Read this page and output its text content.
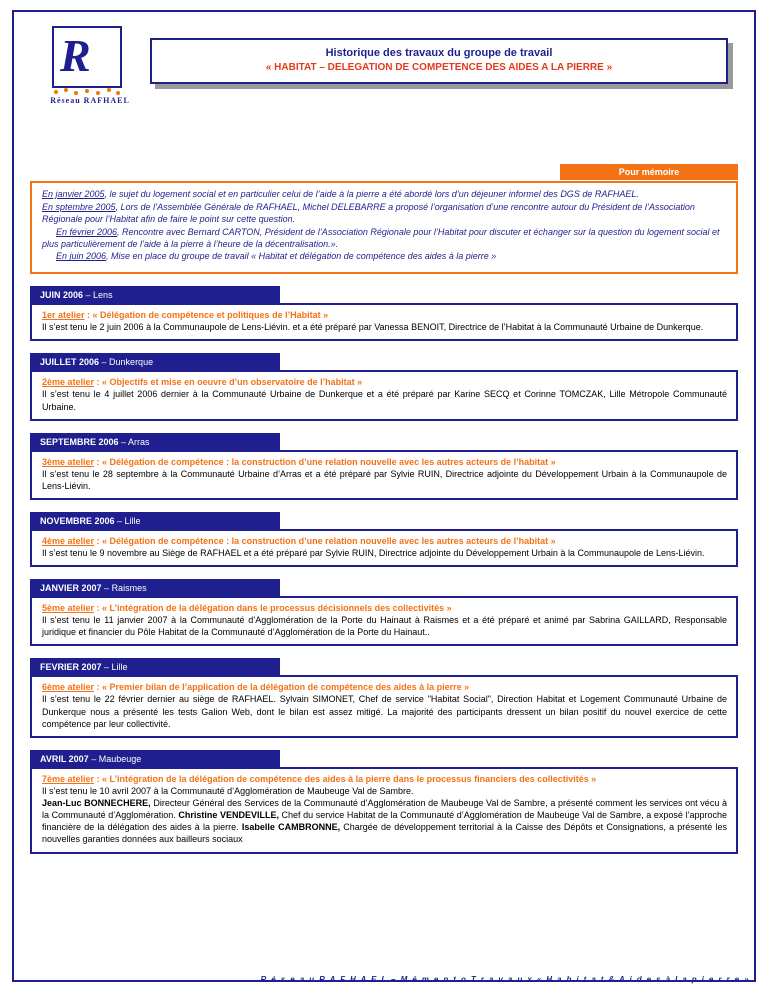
R
Réseau RAFHAEL
Historique des travaux du groupe de travail
« HABITAT – DELEGATION DE COMPETENCE DES AIDES A LA PIERRE »
Pour mémoire

En janvier 2005, le sujet du logement social et en particulier celui de l’aide à la pierre a été abordé lors d’un déjeuner informel des DGS de RAFHAEL.

En sptembre 2005, Lors de l’Assemblée Générale de RAFHAEL, Michel DELEBARRE a proposé l’organisation d’une rencontre autour du Président de l’Association Régionale pour l’Habitat afin de faire le point sur cette question.

En février 2006, Rencontre avec Bernard CARTON, Président de l’Association Régionale pour l’Habitat pour discuter et échanger sur la question du logement social et plus particulièrement de l’aide à la pierre à l’heure de la décentralisation.».

En juin 2006, Mise en place du groupe de travail « Habitat et délégation de compétence des aides à la pierre »

JUIN 2006 – Lens

1er atelier : « Délégation de compétence et politiques de l’Habitat »

Il s’est tenu le 2 juin 2006 à la Communaupole de Lens-Liévin. et a été préparé par Vanessa BENOIT, Directrice de l’Habitat à la Communauté Urbaine de Dunkerque.

JUILLET 2006 – Dunkerque

2ème atelier : « Objectifs et mise en oeuvre d’un observatoire de l’habitat »

Il s’est tenu le 4 juillet 2006 dernier à la Communauté Urbaine de Dunkerque et a été préparé par Karine SECQ et Corinne TOMCZAK, Lille Métropole Communauté Urbaine.

SEPTEMBRE 2006 – Arras

3ème atelier : « Délégation de compétence : la construction d’une relation nouvelle avec les autres acteurs de l’habitat »

Il s’est tenu le 28 septembre à la Communauté Urbaine d’Arras et a été préparé par Sylvie RUIN, Directrice adjointe du Développement Urbain à la Communaupole de Lens-Liévin.

NOVEMBRE 2006 – Lille

4ème atelier : « Délégation de compétence : la construction d’une relation nouvelle avec les autres acteurs de l’habitat »

Il s’est tenu le 9 novembre au Siège de RAFHAEL et a été préparé par Sylvie RUIN, Directrice adjointe du Développement Urbain à la Communaupole de Lens-Liévin.

JANVIER 2007 – Raismes

5ème atelier : « L’intégration de la délégation dans le processus décisionnels des collectivités »

Il s’est tenu le 11 janvier 2007 à la Communauté d’Agglomération de la Porte du Hainaut à Raismes et a été préparé et animé par Sabrina GAILLARD, Responsable juridique et financier du Pôle Habitat de la Communauté d’Agglomération de la Porte du Hainaut..

FEVRIER 2007 – Lille

6ème atelier : « Premier bilan de l’application de la délégation de compétence des aides à la pierre »

Il s’est tenu le 22 février dernier au siège de RAFHAEL. Sylvain SIMONET, Chef de service "Habitat Social", Direction Habitat et Logement Communauté Urbaine de Dunkerque nous a présenté les tests Galion Web, dont le bilan est assez mitigé. La majorité des participants dressent un bilan positif du nouvel exercice de cette compétence par leur collectivité.

AVRIL 2007 – Maubeuge

7ème atelier : « L’intégration de la délégation de compétence des aides à la pierre dans le processus financiers des collectivités »

Il s’est tenu le 10 avril 2007 à la Communauté d’Agglomération de Maubeuge Val de Sambre.

Jean-Luc BONNECHERE, Directeur Général des Services de la Communauté d’Agglomération de Maubeuge Val de Sambre, a présenté comment les services ont vécu à la Communauté d’Agglomération. Christine VENDEVILLE, Chef du service Habitat de la Communauté d’Agglomération de Maubeuge Val de Sambre, a exposé l’approche financière de la délégation des aides à la pierre. Isabelle CAMBRONNE, Chargée de développement territorial à la Caisse des Dépôts et Consignations, a présenté les nouvelles garanties données aux bailleurs sociaux

R é s e a u R A F H A E L – M é m e n t o T r a v a u x « H a b i t a t & A i d e s à l a p i e r r e »
